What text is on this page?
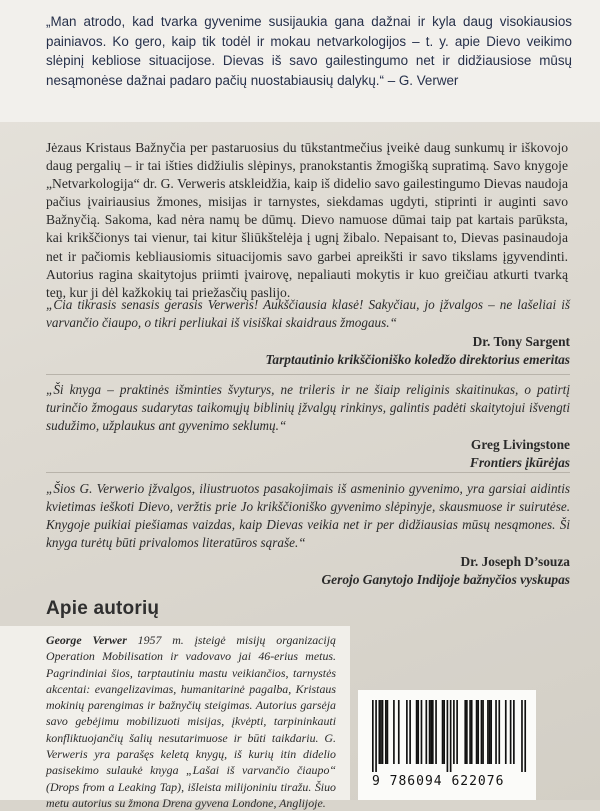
„Man atrodo, kad tvarka gyvenime susijaukia gana dažnai ir kyla daug visokiausios painiavos. Ko gero, kaip tik todėl ir mokau netvarkologijos – t. y. apie Dievo veikimo slėpinį kebliose situacijose. Dievas iš savo gailestingumo net ir didžiausiose mūsų nesąmonėse dažnai padaro pačių nuostabiausių dalykų.“ – G. Verwer

Jėzaus Kristaus Bažnyčia per pastaruosius du tūkstantmečius įveikė daug sunkumų ir iškovojo daug pergalių – ir tai išties didžiulis slėpinys, pranokstantis žmogišką supratimą. Savo knygoje „Netvarkologija“ dr. G. Verweris atskleidžia, kaip iš didelio savo gailestingumo Dievas naudoja pačius įvairiausius žmones, misijas ir tarnystes, siekdamas ugdyti, stiprinti ir auginti savo Bažnyčią. Sakoma, kad nėra namų be dūmų. Dievo namuose dūmai taip pat kartais parūksta, kai krikščionys tai vienur, tai kitur šliūkštelėja į ugnį žibalo. Nepaisant to, Dievas pasinaudoja net ir pačiomis kebliausiomis situacijomis savo garbei apreikšti ir savo tikslams įgyvendinti. Autorius ragina skaitytojus priimti įvairovę, nepaliauti mokytis ir kuo greičiau atkurti tvarką ten, kur ji dėl kažkokių tai priežasčių paslijo.

„Čia tikrasis senasis gerasis Verweris! Aukščiausia klasė! Sakyčiau, jo įžvalgos – ne lašeliai iš varvančio čiaupo, o tikri perliukai iš visiškai skaidraus žmogaus.“

Dr. Tony Sargent

Tarptautinio krikščioniško koledžo direktorius emeritas

„Ši knyga – praktinės išminties švyturys, ne trileris ir ne šiaip religinis skaitinukas, o patirtį turinčio žmogaus sudarytas taikomųjų biblinių įžvalgų rinkinys, galintis padėti skaitytojui išvengti sudužimo, užplaukus ant gyvenimo seklumų.“

Greg Livingstone

Frontiers įkūrėjas

„Šios G. Verwerio įžvalgos, iliustruotos pasakojimais iš asmeninio gyvenimo, yra garsiai aidintis kvietimas ieškoti Dievo, veržtis prie Jo krikščioniško gyvenimo slėpinyje, skausmuose ir suirutėse. Knygoje puikiai piešiamas vaizdas, kaip Dievas veikia net ir per didžiausias mūsų nesąmones. Ši knyga turėtų būti privalomos literatūros sąraše.“

Dr. Joseph D’souza

Gerojo Ganytojo Indijoje bažnyčios vyskupas

Apie autorių

George Verwer 1957 m. įsteigė misijų organizaciją Operation Mobilisation ir vadovavo jai 46-erius metus. Pagrindiniai šios, tarptautiniu mastu veikiančios, tarnystės akcentai: evangelizavimas, humanitarinė pagalba, Kristaus mokinių parengimas ir bažnyčių steigimas. Autorius garsėja savo gebėjimu mobilizuoti misijas, įkvėpti, tarpininkauti konfliktuojančių šalių nesutarimuose ir būti taikdariu. G. Verweris yra parašęs keletą knygų, iš kurių itin didelio pasisekimo sulaukė knyga „Lašai iš varvančio čiaupo“ (Drops from a Leaking Tap), išleista milijoniniu tiražu. Šiuo metu autorius su žmona Drena gyvena Londone, Anglijoje.

9 786094 622076
